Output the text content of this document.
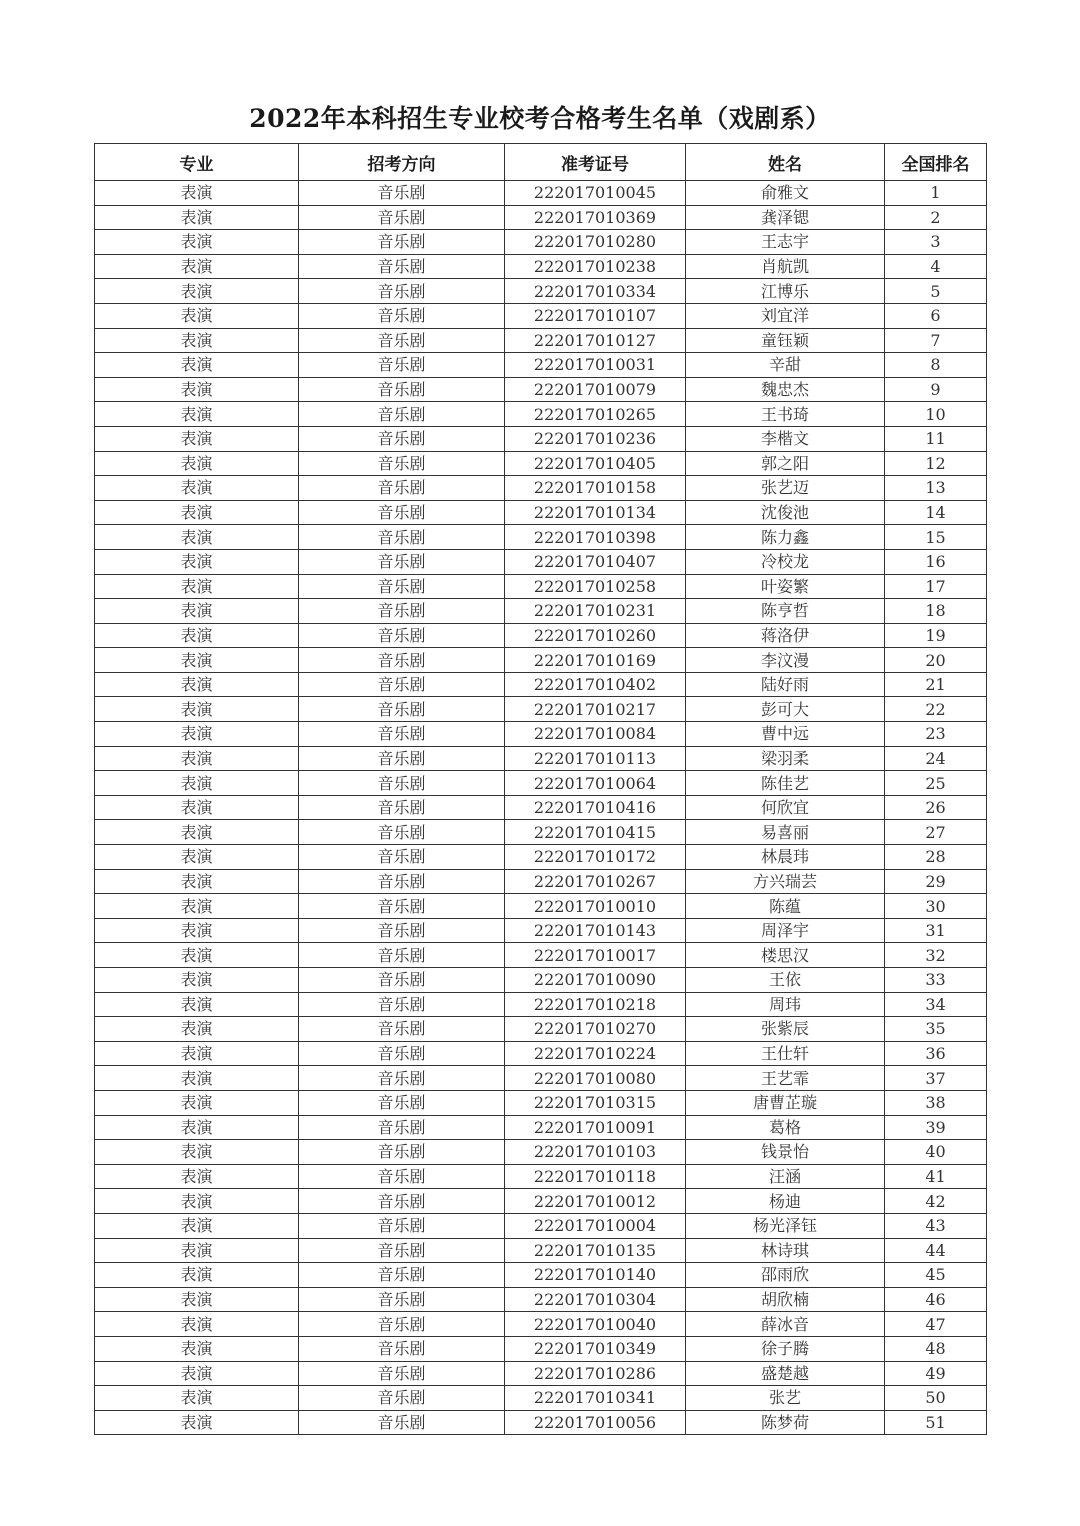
2022年本科招生专业校考合格考生名单（戏剧系）
专业	招考方向	准考证号	姓名	全国排名
表演	音乐剧	222017010045	俞雅文	1
表演	音乐剧	222017010369	龚泽锶	2
表演	音乐剧	222017010280	王志宇	3
表演	音乐剧	222017010238	肖航凯	4
表演	音乐剧	222017010334	江博乐	5
表演	音乐剧	222017010107	刘宜洋	6
表演	音乐剧	222017010127	童钰颖	7
表演	音乐剧	222017010031	辛甜	8
表演	音乐剧	222017010079	魏忠杰	9
表演	音乐剧	222017010265	王书琦	10
表演	音乐剧	222017010236	李楷文	11
表演	音乐剧	222017010405	郭之阳	12
表演	音乐剧	222017010158	张艺迈	13
表演	音乐剧	222017010134	沈俊池	14
表演	音乐剧	222017010398	陈力鑫	15
表演	音乐剧	222017010407	冷校龙	16
表演	音乐剧	222017010258	叶姿繁	17
表演	音乐剧	222017010231	陈亨哲	18
表演	音乐剧	222017010260	蒋洛伊	19
表演	音乐剧	222017010169	李汶漫	20
表演	音乐剧	222017010402	陆好雨	21
表演	音乐剧	222017010217	彭可大	22
表演	音乐剧	222017010084	曹中远	23
表演	音乐剧	222017010113	梁羽柔	24
表演	音乐剧	222017010064	陈佳艺	25
表演	音乐剧	222017010416	何欣宜	26
表演	音乐剧	222017010415	易喜丽	27
表演	音乐剧	222017010172	林晨玮	28
表演	音乐剧	222017010267	方兴瑞芸	29
表演	音乐剧	222017010010	陈蕴	30
表演	音乐剧	222017010143	周泽宇	31
表演	音乐剧	222017010017	楼思汉	32
表演	音乐剧	222017010090	王依	33
表演	音乐剧	222017010218	周玮	34
表演	音乐剧	222017010270	张紫辰	35
表演	音乐剧	222017010224	王仕轩	36
表演	音乐剧	222017010080	王艺霏	37
表演	音乐剧	222017010315	唐曹芷璇	38
表演	音乐剧	222017010091	葛格	39
表演	音乐剧	222017010103	钱景怡	40
表演	音乐剧	222017010118	汪涵	41
表演	音乐剧	222017010012	杨迪	42
表演	音乐剧	222017010004	杨光泽钰	43
表演	音乐剧	222017010135	林诗琪	44
表演	音乐剧	222017010140	邵雨欣	45
表演	音乐剧	222017010304	胡欣楠	46
表演	音乐剧	222017010040	薛冰音	47
表演	音乐剧	222017010349	徐子腾	48
表演	音乐剧	222017010286	盛楚越	49
表演	音乐剧	222017010341	张艺	50
表演	音乐剧	222017010056	陈梦荷	51
